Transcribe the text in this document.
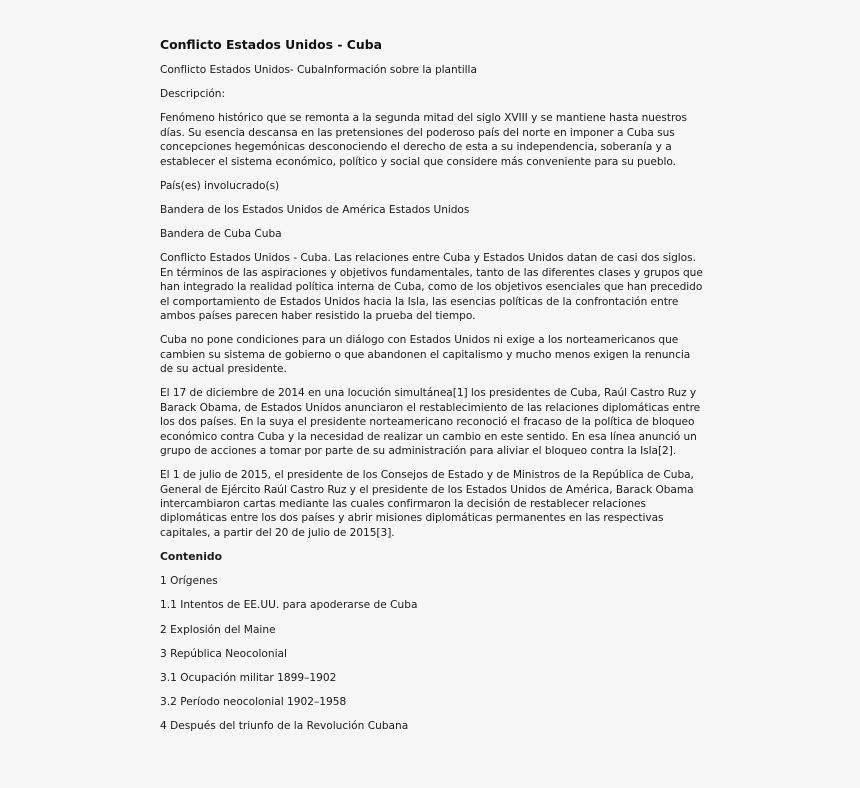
Conflicto Estados Unidos - Cuba

Conflicto Estados Unidos- CubaInformación sobre la plantilla

Descripción:

Fenómeno histórico que se remonta a la segunda mitad del siglo XVIII y se mantiene hasta nuestros días. Su esencia descansa en las pretensiones del poderoso país del norte en imponer a Cuba sus concepciones hegemónicas desconociendo el derecho de esta a su independencia, soberanía y a establecer el sistema económico, político y social que considere más conveniente para su pueblo.

País(es) involucrado(s)

Bandera de los Estados Unidos de América Estados Unidos

Bandera de Cuba Cuba

Conflicto Estados Unidos - Cuba. Las relaciones entre Cuba y Estados Unidos datan de casi dos siglos. En términos de las aspiraciones y objetivos fundamentales, tanto de las diferentes clases y grupos que han integrado la realidad política interna de Cuba, como de los objetivos esenciales que han precedido el comportamiento de Estados Unidos hacia la Isla, las esencias políticas de la confrontación entre ambos países parecen haber resistido la prueba del tiempo.

Cuba no pone condiciones para un diálogo con Estados Unidos ni exige a los norteamericanos que cambien su sistema de gobierno o que abandonen el capitalismo y mucho menos exigen la renuncia de su actual presidente.

El 17 de diciembre de 2014 en una locución simultánea[1] los presidentes de Cuba, Raúl Castro Ruz y Barack Obama, de Estados Unidos anunciaron el restablecimiento de las relaciones diplomáticas entre los dos países. En la suya el presidente norteamericano reconoció el fracaso de la política de bloqueo económico contra Cuba y la necesidad de realizar un cambio en este sentido. En esa línea anunció un grupo de acciones a tomar por parte de su administración para aliviar el bloqueo contra la Isla[2].

El 1 de julio de 2015, el presidente de los Consejos de Estado y de Ministros de la República de Cuba, General de Ejército Raúl Castro Ruz y el presidente de los Estados Unidos de América, Barack Obama intercambiaron cartas mediante las cuales confirmaron la decisión de restablecer relaciones diplomáticas entre los dos países y abrir misiones diplomáticas permanentes en las respectivas capitales, a partir del 20 de julio de 2015[3].

Contenido

1 Orígenes

1.1 Intentos de EE.UU. para apoderarse de Cuba

2 Explosión del Maine

3 República Neocolonial

3.1 Ocupación militar 1899–1902

3.2 Período neocolonial 1902–1958

4 Después del triunfo de la Revolución Cubana
